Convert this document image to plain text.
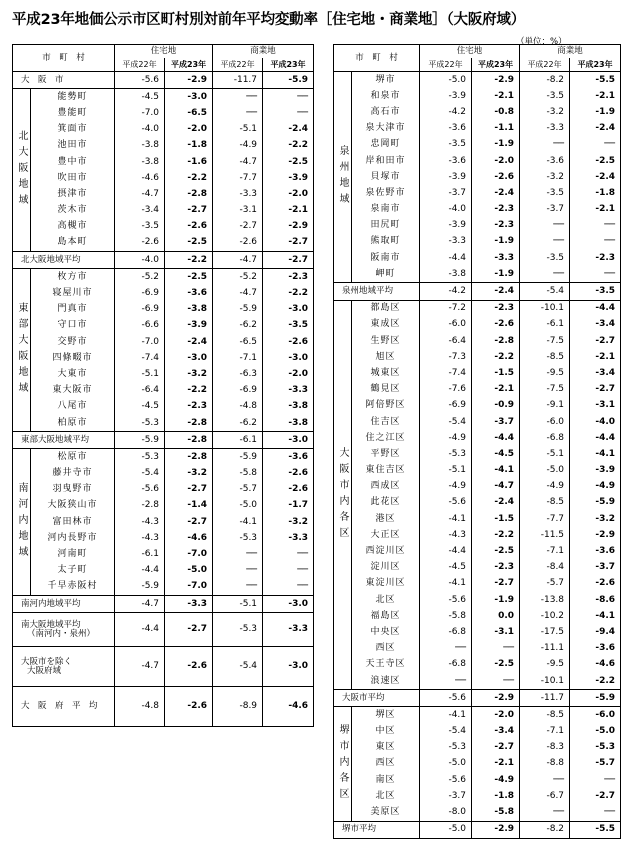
平成23年地価公示市区町村別対前年平均変動率［住宅地・商業地］（大阪府域）
（単位：%）
市　町　村		住宅地		商業地	
		平成22年	平成23年	平成22年	平成23年
大　阪　市		-5.6	-2.9	-11.7	-5.9
北大阪地域	能勢町	-4.5	-3.0	──	──
	豊能町	-7.0	-6.5	──	──
	箕面市	-4.0	-2.0	-5.1	-2.4
	池田市	-3.8	-1.8	-4.9	-2.2
	豊中市	-3.8	-1.6	-4.7	-2.5
	吹田市	-4.6	-2.2	-7.7	-3.9
	摂津市	-4.7	-2.8	-3.3	-2.0
	茨木市	-3.4	-2.7	-3.1	-2.1
	高槻市	-3.5	-2.6	-2.7	-2.9
	島本町	-2.6	-2.5	-2.6	-2.7
北大阪地域平均		-4.0	-2.2	-4.7	-2.7
東部大阪地域	枚方市	-5.2	-2.5	-5.2	-2.3
	寝屋川市	-6.9	-3.6	-4.7	-2.2
	門真市	-6.9	-3.8	-5.9	-3.0
	守口市	-6.6	-3.9	-6.2	-3.5
	交野市	-7.0	-2.4	-6.5	-2.6
	四條畷市	-7.4	-3.0	-7.1	-3.0
	大東市	-5.1	-3.2	-6.3	-2.0
	東大阪市	-6.4	-2.2	-6.9	-3.3
	八尾市	-4.5	-2.3	-4.8	-3.8
	柏原市	-5.3	-2.8	-6.2	-3.8
東部大阪地域平均		-5.9	-2.8	-6.1	-3.0
南河内地域	松原市	-5.3	-2.8	-5.9	-3.6
	藤井寺市	-5.4	-3.2	-5.8	-2.6
	羽曳野市	-5.6	-2.7	-5.7	-2.6
	大阪狭山市	-2.8	-1.4	-5.0	-1.7
	富田林市	-4.3	-2.7	-4.1	-3.2
	河内長野市	-4.3	-4.6	-5.3	-3.3
	河南町	-6.1	-7.0	──	──
	太子町	-4.4	-5.0	──	──
	千早赤阪村	-5.9	-7.0	──	──
南河内地域平均		-4.7	-3.3	-5.1	-3.0

南大阪地域平均
（南河内・泉州）		-4.4	-2.7	-5.3	-3.3

大阪市を除く
大阪府域		-4.7	-2.6	-5.4	-3.0
大　阪　府　平　均		-4.8	-2.6	-8.9	-4.6
市　町　村		住宅地		商業地	
		平成22年	平成23年	平成22年	平成23年
泉州地域	堺市	-5.0	-2.9	-8.2	-5.5
	和泉市	-3.9	-2.1	-3.5	-2.1
	高石市	-4.2	-0.8	-3.2	-1.9
	泉大津市	-3.6	-1.1	-3.3	-2.4
	忠岡町	-3.5	-1.9	──	──
	岸和田市	-3.6	-2.0	-3.6	-2.5
	貝塚市	-3.9	-2.6	-3.2	-2.4
	泉佐野市	-3.7	-2.4	-3.5	-1.8
	泉南市	-4.0	-2.3	-3.7	-2.1
	田尻町	-3.9	-2.3	──	──
	熊取町	-3.3	-1.9	──	──
	阪南市	-4.4	-3.3	-3.5	-2.3
	岬町	-3.8	-1.9	──	──
泉州地域平均		-4.2	-2.4	-5.4	-3.5
大阪市内各区	都島区	-7.2	-2.3	-10.1	-4.4
	東成区	-6.0	-2.6	-6.1	-3.4
	生野区	-6.4	-2.8	-7.5	-2.7
	旭区	-7.3	-2.2	-8.5	-2.1
	城東区	-7.4	-1.5	-9.5	-3.4
	鶴見区	-7.6	-2.1	-7.5	-2.7
	阿倍野区	-6.9	-0.9	-9.1	-3.1
	住吉区	-5.4	-3.7	-6.0	-4.0
	住之江区	-4.9	-4.4	-6.8	-4.4
	平野区	-5.3	-4.5	-5.1	-4.1
	東住吉区	-5.1	-4.1	-5.0	-3.9
	西成区	-4.9	-4.7	-4.9	-4.9
	此花区	-5.6	-2.4	-8.5	-5.9
	港区	-4.1	-1.5	-7.7	-3.2
	大正区	-4.3	-2.2	-11.5	-2.9
	西淀川区	-4.4	-2.5	-7.1	-3.6
	淀川区	-4.5	-2.3	-8.4	-3.7
	東淀川区	-4.1	-2.7	-5.7	-2.6
	北区	-5.6	-1.9	-13.8	-8.6
	福島区	-5.8	0.0	-10.2	-4.1
	中央区	-6.8	-3.1	-17.5	-9.4
	西区	──	──	-11.1	-3.6
	天王寺区	-6.8	-2.5	-9.5	-4.6
	浪速区	──	──	-10.1	-2.2
大阪市平均		-5.6	-2.9	-11.7	-5.9
堺市内各区	堺区	-4.1	-2.0	-8.5	-6.0
	中区	-5.4	-3.4	-7.1	-5.0
	東区	-5.3	-2.7	-8.3	-5.3
	西区	-5.0	-2.1	-8.8	-5.7
	南区	-5.6	-4.9	──	──
	北区	-3.7	-1.8	-6.7	-2.7
	美原区	-8.0	-5.8	──	──
堺市平均		-5.0	-2.9	-8.2	-5.5
